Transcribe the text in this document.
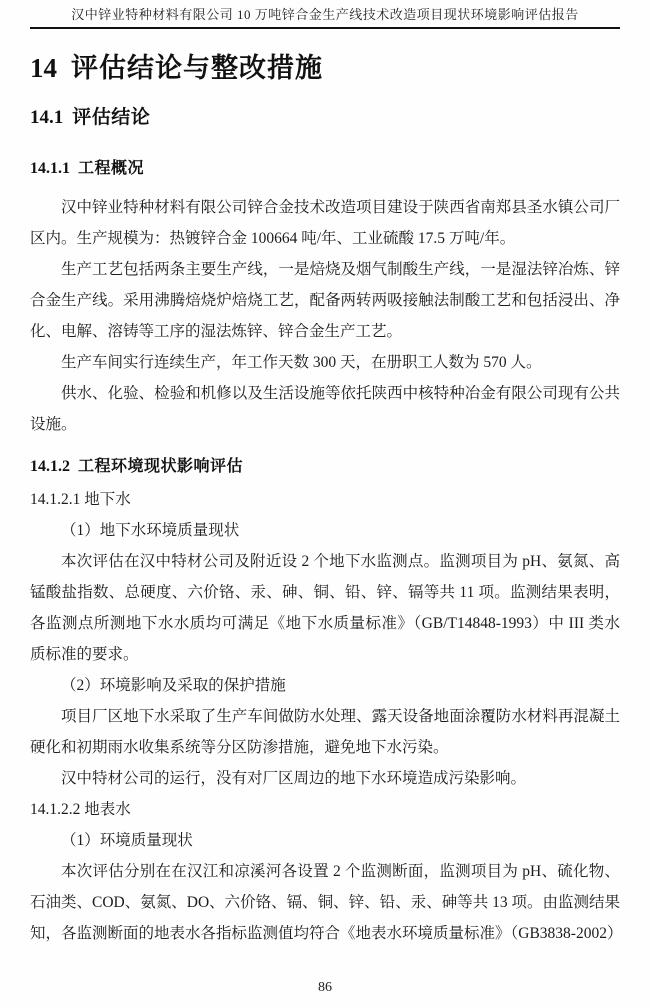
汉中锌业特种材料有限公司 10 万吨锌合金生产线技术改造项目现状环境影响评估报告
14 评估结论与整改措施
14.1 评估结论
14.1.1 工程概况

汉中锌业特种材料有限公司锌合金技术改造项目建设于陕西省南郑县圣水镇公司厂区内。生产规模为：热镀锌合金 100664 吨/年、工业硫酸 17.5 万吨/年。

生产工艺包括两条主要生产线，一是焙烧及烟气制酸生产线，一是湿法锌冶炼、锌合金生产线。采用沸腾焙烧炉焙烧工艺，配备两转两吸接触法制酸工艺和包括浸出、净化、电解、溶铸等工序的湿法炼锌、锌合金生产工艺。

生产车间实行连续生产，年工作天数 300 天，在册职工人数为 570 人。

供水、化验、检验和机修以及生活设施等依托陕西中核特种冶金有限公司现有公共设施。

14.1.2 工程环境现状影响评估

14.1.2.1 地下水

（1）地下水环境质量现状

本次评估在汉中特材公司及附近设 2 个地下水监测点。监测项目为 pH、氨氮、高锰酸盐指数、总硬度、六价铬、汞、砷、铜、铅、锌、镉等共 11 项。监测结果表明，各监测点所测地下水水质均可满足《地下水质量标准》（GB/T14848-1993）中 III 类水质标准的要求。

（2）环境影响及采取的保护措施

项目厂区地下水采取了生产车间做防水处理、露天设备地面涂覆防水材料再混凝土硬化和初期雨水收集系统等分区防渗措施，避免地下水污染。

汉中特材公司的运行，没有对厂区周边的地下水环境造成污染影响。

14.1.2.2 地表水

（1）环境质量现状

本次评估分别在在汉江和凉溪河各设置 2 个监测断面，监测项目为 pH、硫化物、石油类、COD、氨氮、DO、六价铬、镉、铜、锌、铅、汞、砷等共 13 项。由监测结果知，各监测断面的地表水各指标监测值均符合《地表水环境质量标准》（GB3838-2002）

86
